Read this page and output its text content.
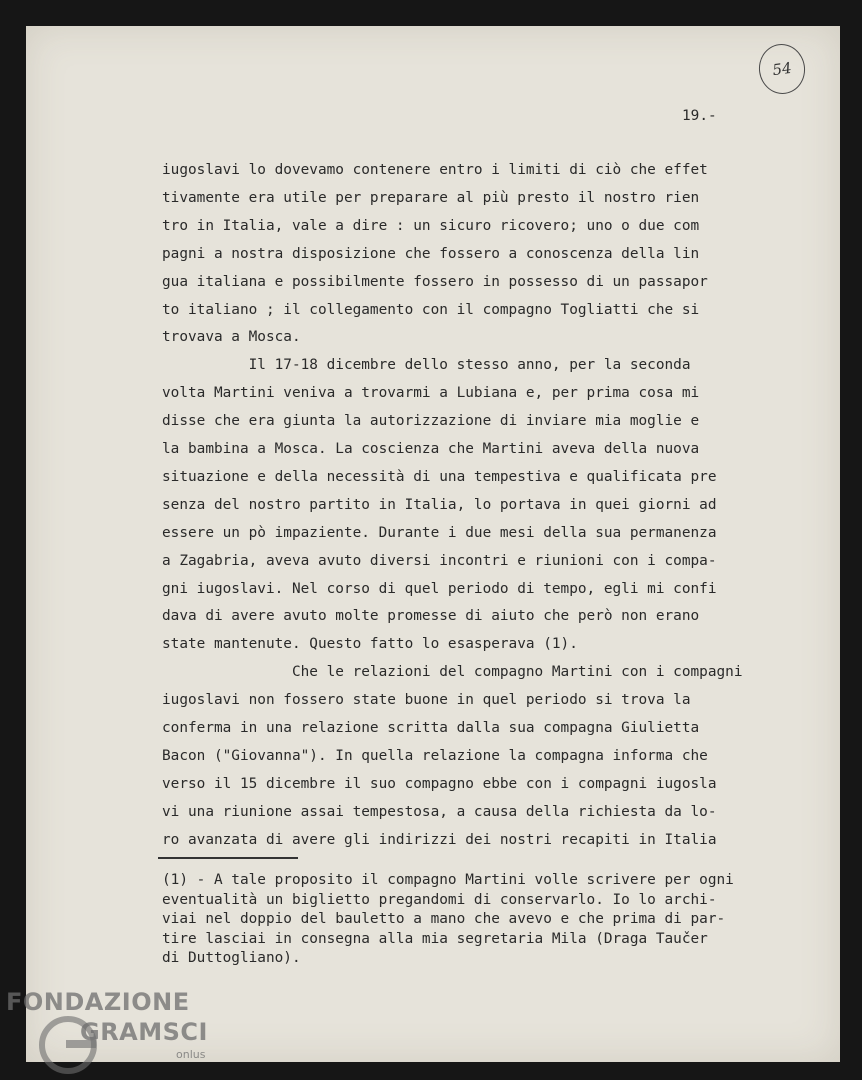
54
19.-
iugoslavi lo dovevamo contenere entro i limiti di ciò che effet
tivamente era utile per preparare al più presto il nostro rien
tro in Italia, vale a dire : un sicuro ricovero; uno o due com
pagni a nostra disposizione che fossero a conoscenza della lin
gua italiana e possibilmente fossero in possesso di un passapor
to italiano ; il collegamento con il compagno Togliatti che si
trovava a Mosca.
Il 17-18 dicembre dello stesso anno, per la seconda
volta Martini veniva a trovarmi a Lubiana e, per prima cosa mi
disse che era giunta la autorizzazione di inviare mia moglie e
la bambina a Mosca. La coscienza che Martini aveva della nuova
situazione e della necessità di una tempestiva e qualificata pre
senza del nostro partito in Italia, lo portava in quei giorni ad
essere un pò impaziente. Durante i due mesi della sua permanenza
a Zagabria, aveva avuto diversi incontri e riunioni con i compa-
gni iugoslavi. Nel corso di quel periodo di tempo, egli mi confi
dava di avere avuto molte promesse di aiuto che però non erano
state mantenute. Questo fatto lo esasperava (1).
Che le relazioni del compagno Martini con i compagni
iugoslavi non fossero state buone in quel periodo si trova la
conferma in una relazione scritta dalla sua compagna Giulietta
Bacon ("Giovanna"). In quella relazione la compagna informa che
verso il 15 dicembre il suo compagno ebbe con i compagni iugosla
vi una riunione assai tempestosa, a causa della richiesta da lo-
ro avanzata di avere gli indirizzi dei nostri recapiti in Italia
(1) - A tale proposito il compagno Martini volle scrivere per ogni
eventualità un biglietto pregandomi di conservarlo. Io lo archi-
viai nel doppio del bauletto a mano che avevo e che prima di par-
tire lasciai in consegna alla mia segretaria Mila (Draga Taučer
di Duttogliano).
FONDAZIONE
GRAMSCI
onlus
